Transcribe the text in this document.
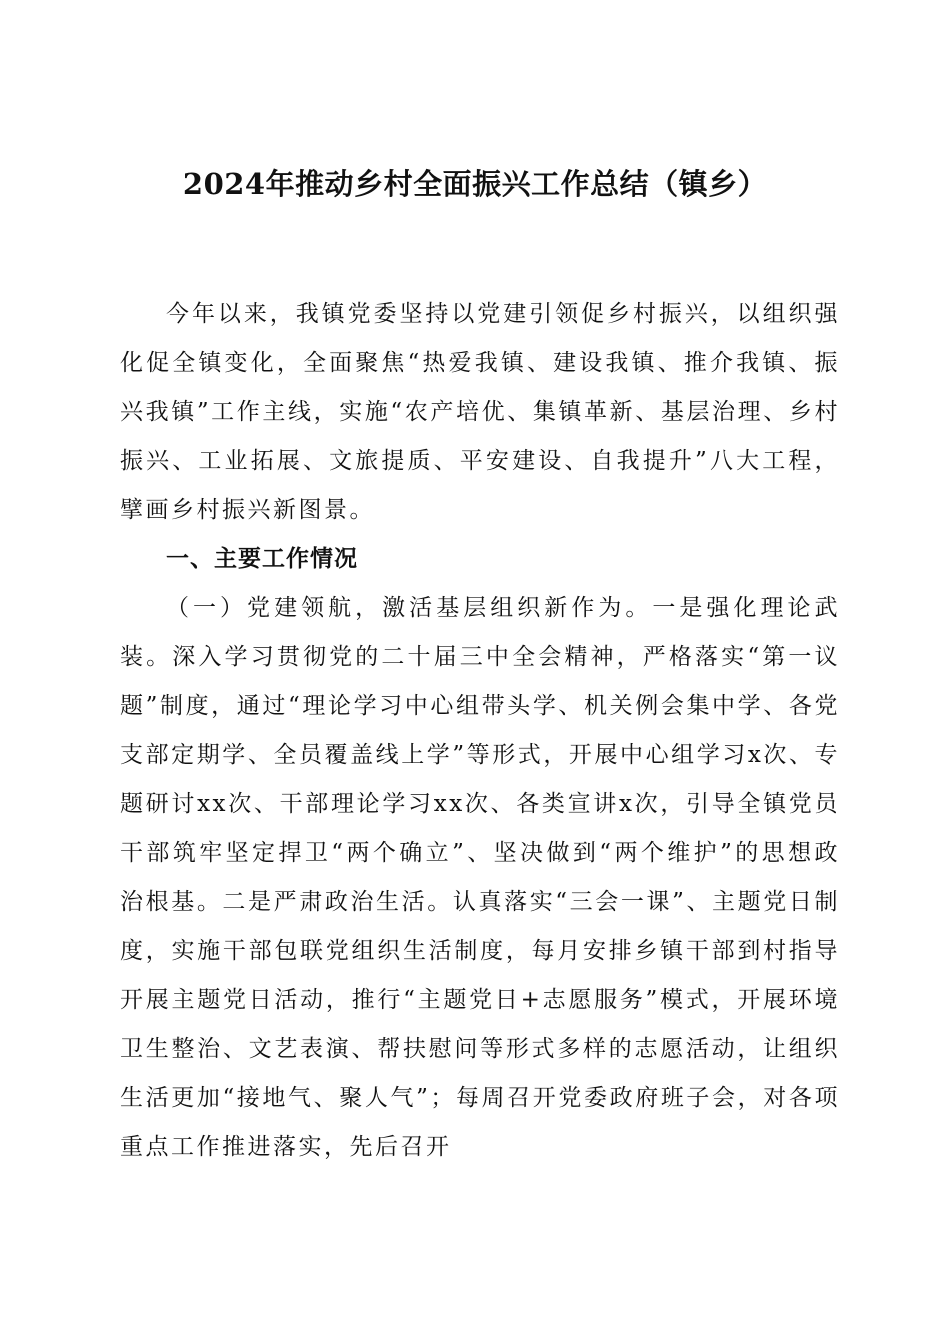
2024年推动乡村全面振兴工作总结（镇乡）

今年以来，我镇党委坚持以党建引领促乡村振兴，以组织强化促全镇变化，全面聚焦“热爱我镇、建设我镇、推介我镇、振兴我镇”工作主线，实施“农产培优、集镇革新、基层治理、乡村振兴、工业拓展、文旅提质、平安建设、自我提升”八大工程，擘画乡村振兴新图景。

一、主要工作情况

（一）党建领航，激活基层组织新作为。一是强化理论武装。深入学习贯彻党的二十届三中全会精神，严格落实“第一议题”制度，通过“理论学习中心组带头学、机关例会集中学、各党支部定期学、全员覆盖线上学”等形式，开展中心组学习x次、专题研讨xx次、干部理论学习xx次、各类宣讲x次，引导全镇党员干部筑牢坚定捍卫“两个确立”、坚决做到“两个维护”的思想政治根基。二是严肃政治生活。认真落实“三会一课”、主题党日制度，实施干部包联党组织生活制度，每月安排乡镇干部到村指导开展主题党日活动，推行“主题党日+志愿服务”模式，开展环境卫生整治、文艺表演、帮扶慰问等形式多样的志愿活动，让组织生活更加“接地气、聚人气”；每周召开党委政府班子会，对各项重点工作推进落实，先后召开
